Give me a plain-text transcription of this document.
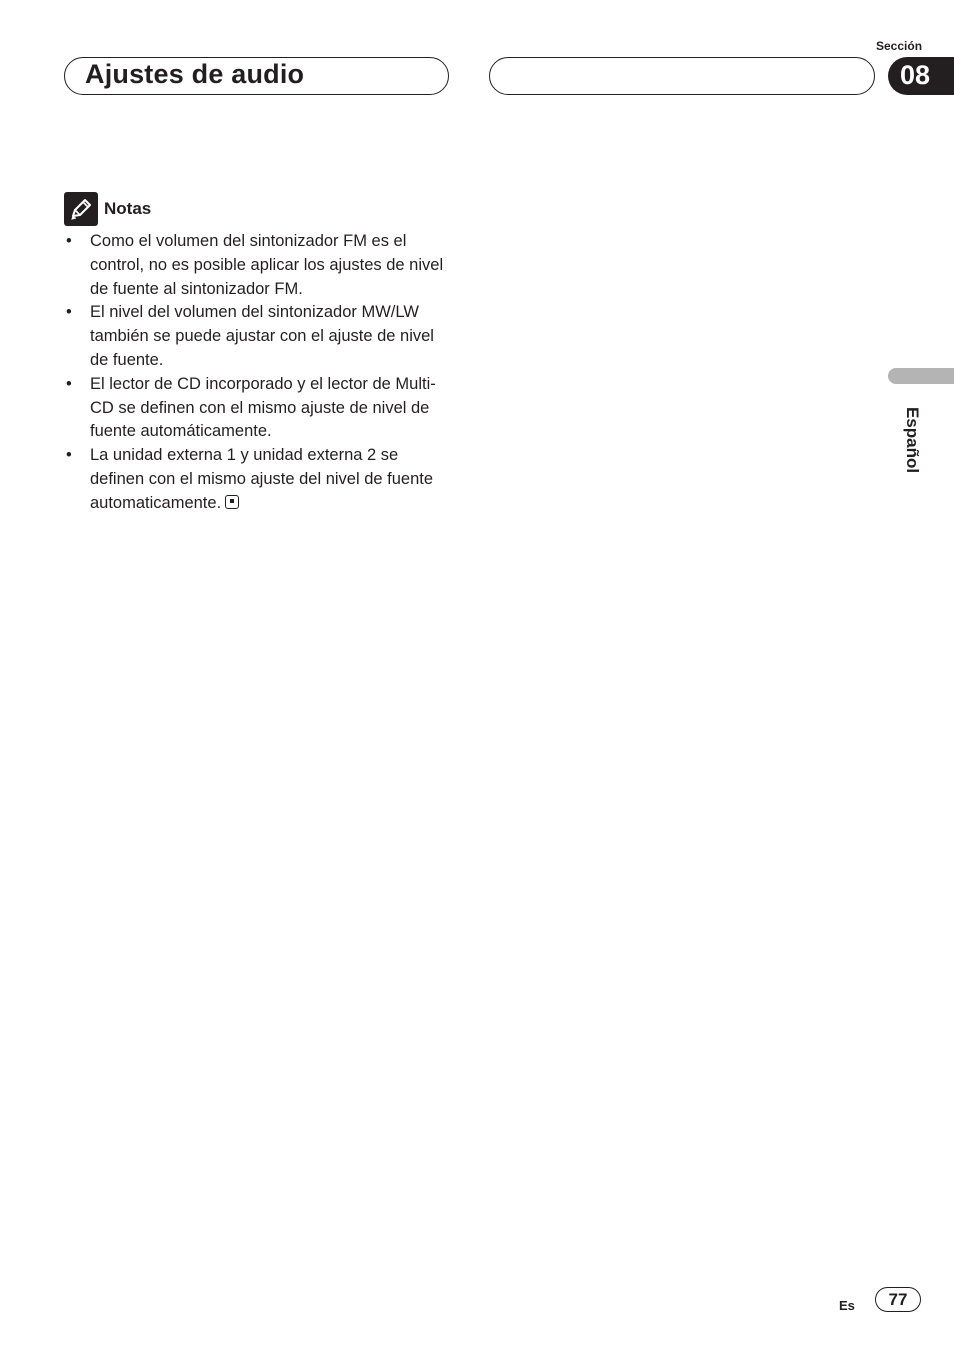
Ajustes de audio
Sección
08
Español
Notas
• Como el volumen del sintonizador FM es el control, no es posible aplicar los ajustes de nivel de fuente al sintonizador FM.
• El nivel del volumen del sintonizador MW/LW también se puede ajustar con el ajuste de nivel de fuente.
• El lector de CD incorporado y el lector de Multi-CD se definen con el mismo ajuste de nivel de fuente automáticamente.
• La unidad externa 1 y unidad externa 2 se definen con el mismo ajuste del nivel de fuente automaticamente.
Es	77
